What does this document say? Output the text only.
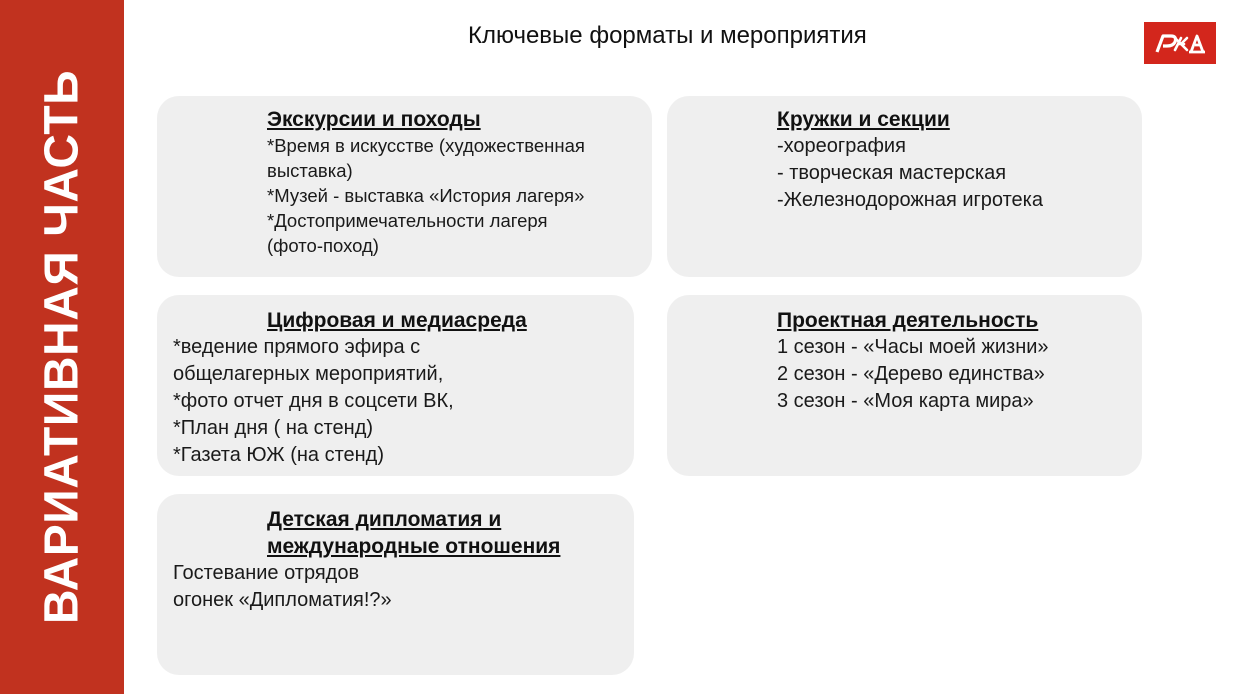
ВАРИАТИВНАЯ ЧАСТЬ
Ключевые форматы и мероприятия
Экскурсии и походы
*Время в искусстве (художественная
выставка)
*Музей - выставка «История лагеря»
*Достопримечательности лагеря
(фото-поход)
Кружки и секции
-хореография
- творческая мастерская
-Железнодорожная игротека
Цифровая и медиасреда
*ведение прямого эфира с
общелагерных мероприятий,
*фото отчет дня в соцсети ВК,
*План дня ( на стенд)
*Газета ЮЖ (на стенд)
Проектная деятельность
1 сезон - «Часы моей жизни»
2 сезон - «Дерево единства»
3 сезон - «Моя карта мира»
Детская дипломатия и
международные отношения
Гостевание отрядов
огонек «Дипломатия!?»
